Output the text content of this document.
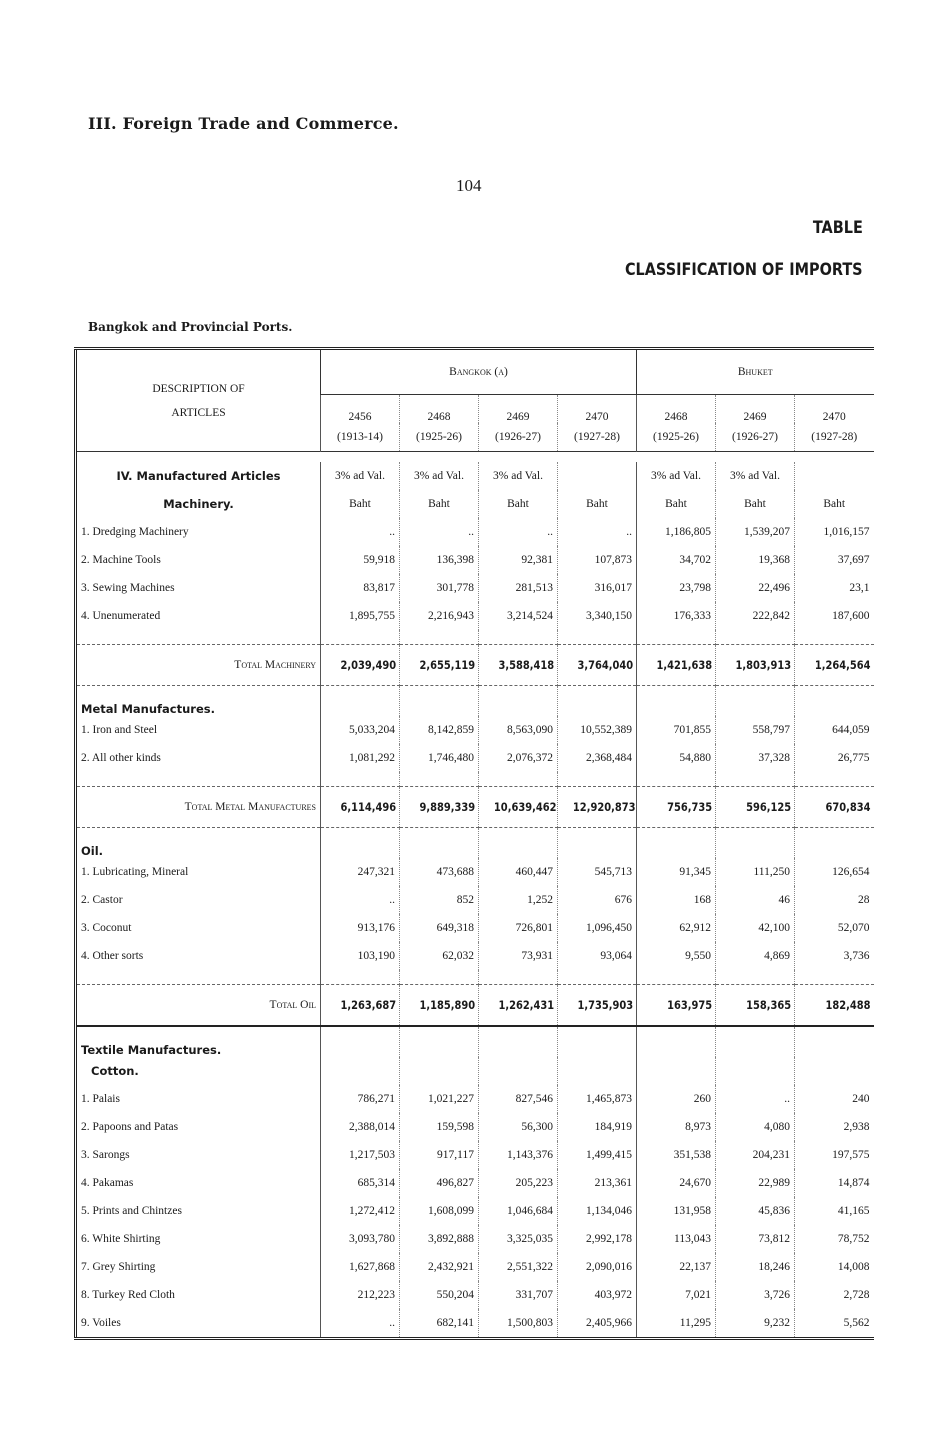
III. Foreign Trade and Commerce.
104
TABLE
CLASSIFICATION OF IMPORTS
Bangkok and Provincial Ports.

DESCRIPTION OF
ARTICLES	Bangkok (a)				Bhuket		
	2456	2468	2469	2470	2468	2469	2470
	(1913-14)	(1925-26)	(1926-27)	(1927-28)	(1925-26)	(1926-27)	(1927-28)

IV. Manufactured Articles	3% ad Val.	3% ad Val.	3% ad Val.		3% ad Val.	3% ad Val.	
Machinery.	Baht	Baht	Baht	Baht	Baht	Baht	Baht
1. Dredging Machinery	..	..	..	..	1,186,805	1,539,207	1,016,157
2. Machine Tools	59,918	136,398	92,381	107,873	34,702	19,368	37,697
3. Sewing Machines	83,817	301,778	281,513	316,017	23,798	22,496	23,1
4. Unenumerated	1,895,755	2,216,943	3,214,524	3,340,150	176,333	222,842	187,600

Total Machinery	2,039,490	2,655,119	3,588,418	3,764,040	1,421,638	1,803,913	1,264,564
Metal Manufactures.							
1. Iron and Steel	5,033,204	8,142,859	8,563,090	10,552,389	701,855	558,797	644,059
2. All other kinds	1,081,292	1,746,480	2,076,372	2,368,484	54,880	37,328	26,775

Total Metal Manufactures	6,114,496	9,889,339	10,639,462	12,920,873	756,735	596,125	670,834
Oil.							
1. Lubricating, Mineral	247,321	473,688	460,447	545,713	91,345	111,250	126,654
2. Castor	..	852	1,252	676	168	46	28
3. Coconut	913,176	649,318	726,801	1,096,450	62,912	42,100	52,070
4. Other sorts	103,190	62,032	73,931	93,064	9,550	4,869	3,736

Total Oil	1,263,687	1,185,890	1,262,431	1,735,903	163,975	158,365	182,488
Textile Manufactures.							
Cotton.							
1. Palais	786,271	1,021,227	827,546	1,465,873	260	..	240
2. Papoons and Patas	2,388,014	159,598	56,300	184,919	8,973	4,080	2,938
3. Sarongs	1,217,503	917,117	1,143,376	1,499,415	351,538	204,231	197,575
4. Pakamas	685,314	496,827	205,223	213,361	24,670	22,989	14,874
5. Prints and Chintzes	1,272,412	1,608,099	1,046,684	1,134,046	131,958	45,836	41,165
6. White Shirting	3,093,780	3,892,888	3,325,035	2,992,178	113,043	73,812	78,752
7. Grey Shirting	1,627,868	2,432,921	2,551,322	2,090,016	22,137	18,246	14,008
8. Turkey Red Cloth	212,223	550,204	331,707	403,972	7,021	3,726	2,728
9. Voiles	..	682,141	1,500,803	2,405,966	11,295	9,232	5,562
